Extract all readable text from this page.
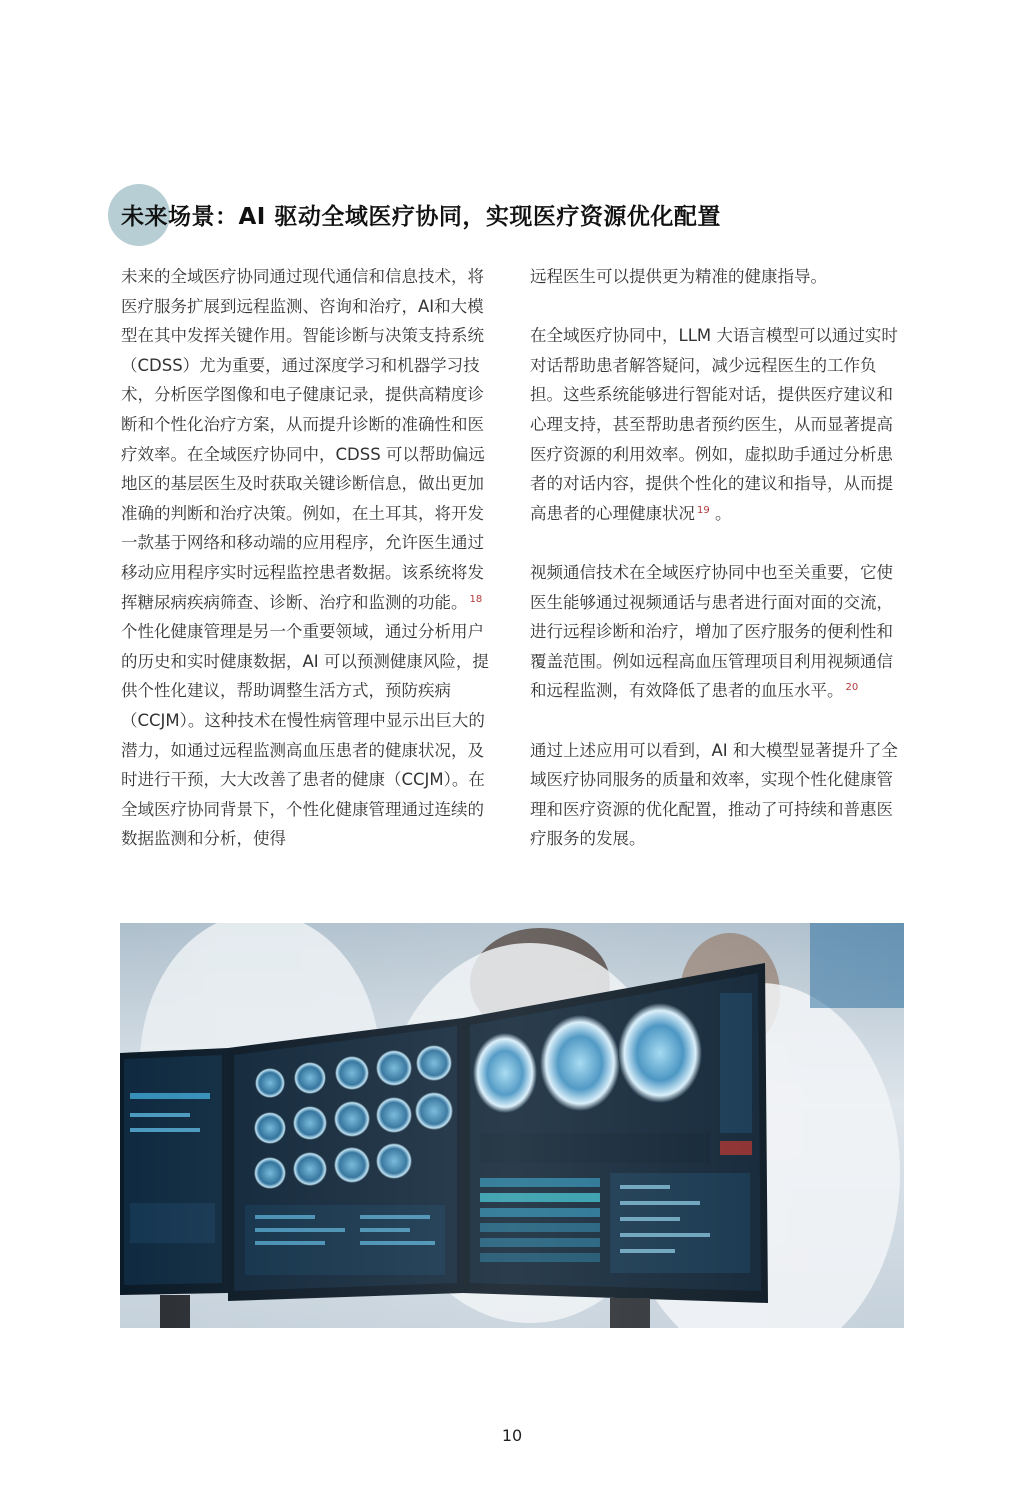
未来场景：AI 驱动全域医疗协同，实现医疗资源优化配置

未来的全域医疗协同通过现代通信和信息技术，将医疗服务扩展到远程监测、咨询和治疗，AI和大模型在其中发挥关键作用。智能诊断与决策支持系统（CDSS）尤为重要，通过深度学习和机器学习技术，分析医学图像和电子健康记录，提供高精度诊断和个性化治疗方案，从而提升诊断的准确性和医疗效率。在全域医疗协同中，CDSS 可以帮助偏远地区的基层医生及时获取关键诊断信息，做出更加准确的判断和治疗决策。例如，在土耳其，将开发一款基于网络和移动端的应用程序，允许医生通过移动应用程序实时远程监控患者数据。该系统将发挥糖尿病疾病筛查、诊断、治疗和监测的功能。 $^{18}$

个性化健康管理是另一个重要领域，通过分析用户的历史和实时健康数据，AI 可以预测健康风险，提供个性化建议，帮助调整生活方式，预防疾病（CCJM）。这种技术在慢性病管理中显示出巨大的潜力，如通过远程监测高血压患者的健康状况，及时进行干预，大大改善了患者的健康（CCJM）。在全域医疗协同背景下，个性化健康管理通过连续的数据监测和分析，使得

远程医生可以提供更为精准的健康指导。

在全域医疗协同中，LLM 大语言模型可以通过实时对话帮助患者解答疑问，减少远程医生的工作负担。这些系统能够进行智能对话，提供医疗建议和心理支持，甚至帮助患者预约医生，从而显著提高医疗资源的利用效率。例如，虚拟助手通过分析患者的对话内容，提供个性化的建议和指导，从而提高患者的心理健康状况 $^{19}$ 。

视频通信技术在全域医疗协同中也至关重要，它使医生能够通过视频通话与患者进行面对面的交流，进行远程诊断和治疗，增加了医疗服务的便利性和覆盖范围。例如远程高血压管理项目利用视频通信和远程监测，有效降低了患者的血压水平。 $^{20}$

通过上述应用可以看到，AI 和大模型显著提升了全域医疗协同服务的质量和效率，实现个性化健康管理和医疗资源的优化配置，推动了可持续和普惠医疗服务的发展。

10
